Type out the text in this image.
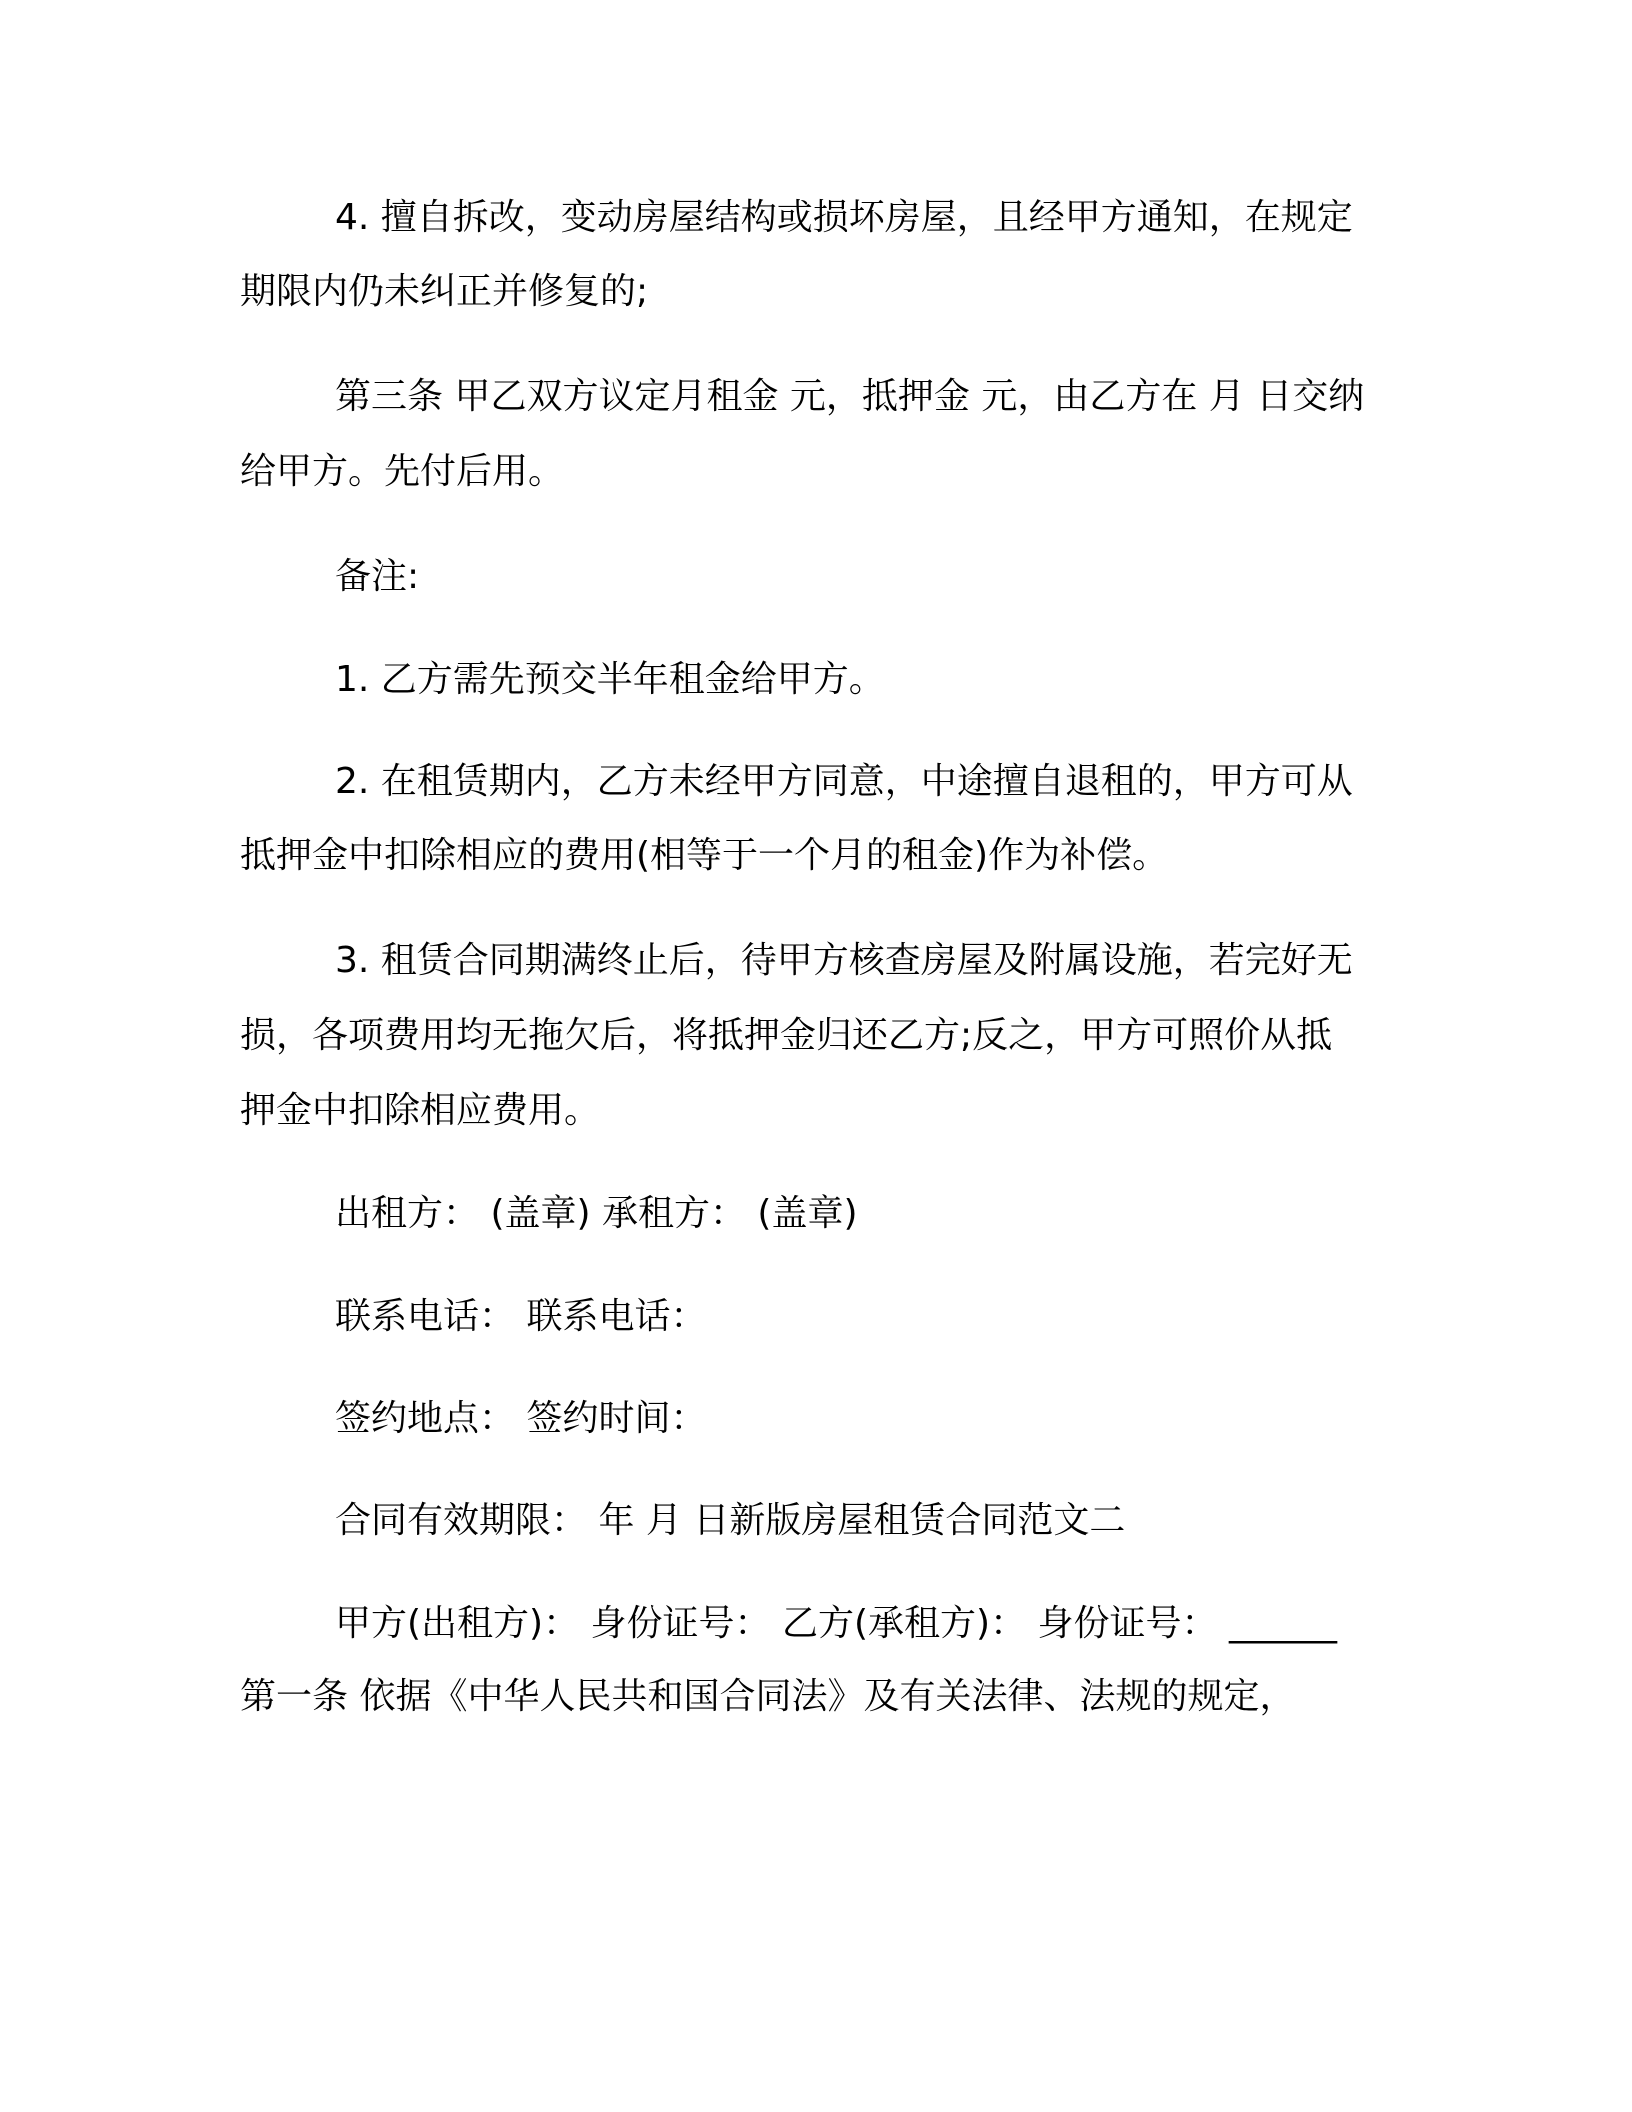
4. 擅自拆改，变动房屋结构或损坏房屋，且经甲方通知，在规定
期限内仍未纠正并修复的;
第三条 甲乙双方议定月租金 元，抵押金 元，由乙方在 月 日交纳
给甲方。先付后用。
备注:
1. 乙方需先预交半年租金给甲方。
2. 在租赁期内，乙方未经甲方同意，中途擅自退租的，甲方可从
抵押金中扣除相应的费用(相等于一个月的租金)作为补偿。
3. 租赁合同期满终止后，待甲方核查房屋及附属设施，若完好无
损，各项费用均无拖欠后，将抵押金归还乙方;反之，甲方可照价从抵
押金中扣除相应费用。
出租方： (盖章) 承租方： (盖章)
联系电话： 联系电话：
签约地点： 签约时间：
合同有效期限： 年 月 日新版房屋租赁合同范文二
甲方(出租方)： 身份证号： 乙方(承租方)： 身份证号： ______
第一条 依据《中华人民共和国合同法》及有关法律、法规的规定，
